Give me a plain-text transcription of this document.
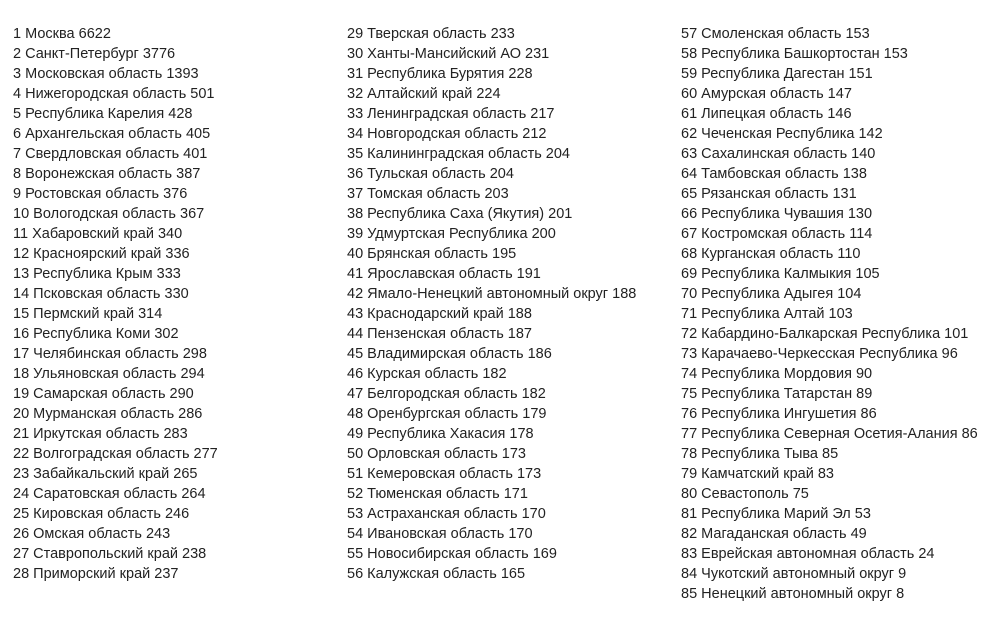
1 Москва 6622
2 Санкт-Петербург 3776
3 Московская область 1393
4 Нижегородская область 501
5 Республика Карелия 428
6 Архангельская область 405
7 Свердловская область 401
8 Воронежская область 387
9 Ростовская область 376
10 Вологодская область 367
11 Хабаровский край 340
12 Красноярский край 336
13 Республика Крым 333
14 Псковская область 330
15 Пермский край 314
16 Республика Коми 302
17 Челябинская область 298
18 Ульяновская область 294
19 Самарская область 290
20 Мурманская область 286
21 Иркутская область 283
22 Волгоградская область 277
23 Забайкальский край 265
24 Саратовская область 264
25 Кировская область 246
26 Омская область 243
27 Ставропольский край 238
28 Приморский край 237
29 Тверская область 233
30 Ханты-Мансийский АО 231
31 Республика Бурятия 228
32 Алтайский край 224
33 Ленинградская область 217
34 Новгородская область 212
35 Калининградская область 204
36 Тульская область 204
37 Томская область 203
38 Республика Саха (Якутия) 201
39 Удмуртская Республика 200
40 Брянская область 195
41 Ярославская область 191
42 Ямало-Ненецкий автономный округ 188
43 Краснодарский край 188
44 Пензенская область 187
45 Владимирская область 186
46 Курская область 182
47 Белгородская область 182
48 Оренбургская область 179
49 Республика Хакасия 178
50 Орловская область 173
51 Кемеровская область 173
52 Тюменская область 171
53 Астраханская область 170
54 Ивановская область 170
55 Новосибирская область 169
56 Калужская область 165
57 Смоленская область 153
58 Республика Башкортостан 153
59 Республика Дагестан 151
60 Амурская область 147
61 Липецкая область 146
62 Чеченская Республика 142
63 Сахалинская область 140
64 Тамбовская область 138
65 Рязанская область 131
66 Республика Чувашия 130
67 Костромская область 114
68 Курганская область 110
69 Республика Калмыкия 105
70 Республика Адыгея 104
71 Республика Алтай 103
72 Кабардино-Балкарская Республика 101
73 Карачаево-Черкесская Республика 96
74 Республика Мордовия 90
75 Республика Татарстан 89
76 Республика Ингушетия 86
77 Республика Северная Осетия-Алания 86
78 Республика Тыва 85
79 Камчатский край 83
80 Севастополь 75
81 Республика Марий Эл 53
82 Магаданская область 49
83 Еврейская автономная область 24
84 Чукотский автономный округ 9
85 Ненецкий автономный округ 8
